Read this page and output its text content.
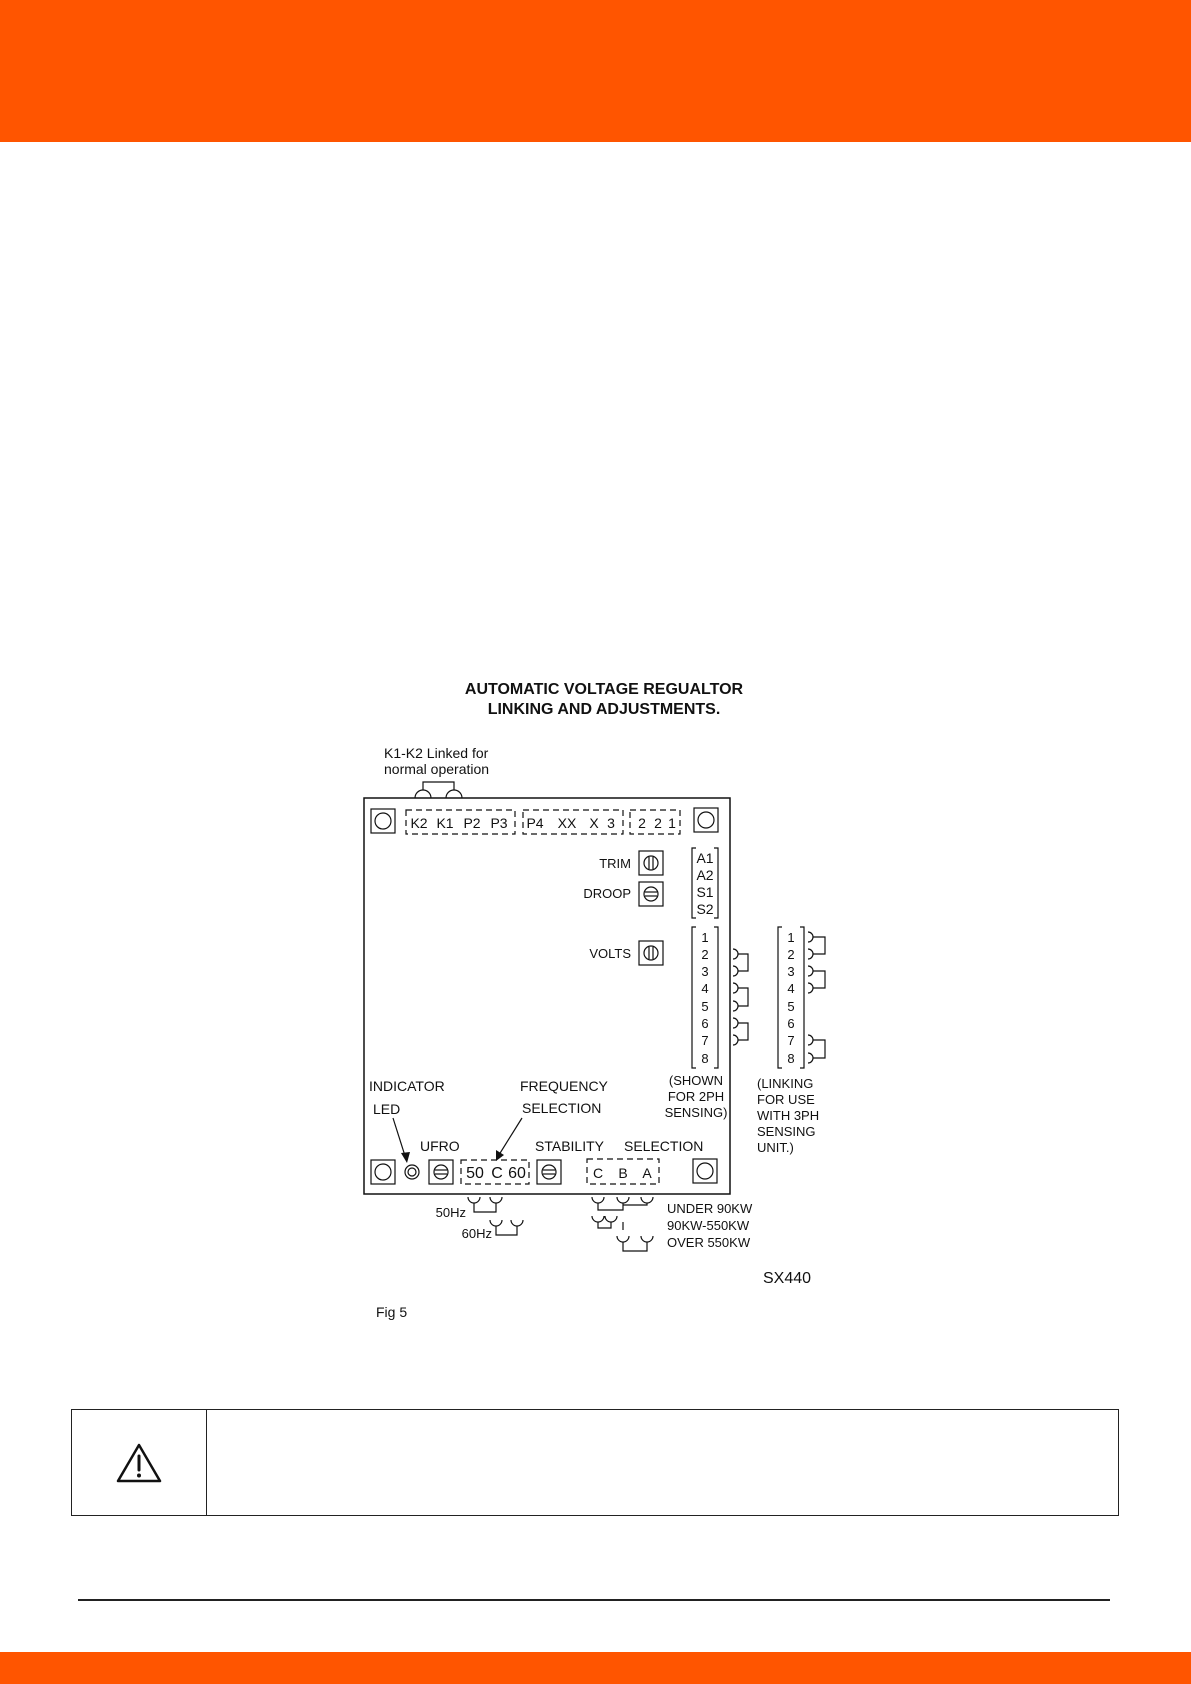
AUTOMATIC VOLTAGE REGUALTOR
LINKING AND ADJUSTMENTS.
K1-K2 Linked for
normal operation
K2 K1 P2 P3 P4 XX X 3 2 2 1
TRIM
DROOP
VOLTS
A1
A2
S1
S2
1
2
3
4
5
6
7
8
1
2
3
4
5
6
7
8
(SHOWN
FOR 2PH
SENSING)
(LINKING
FOR USE
WITH 3PH
SENSING
UNIT.)
INDICATOR
LED
FREQUENCY
SELECTION
UFRO	STABILITY SELECTION
50 C 60	C B A
50Hz
60Hz
UNDER 90KW
90KW-550KW
OVER 550KW
SX440
Fig 5
